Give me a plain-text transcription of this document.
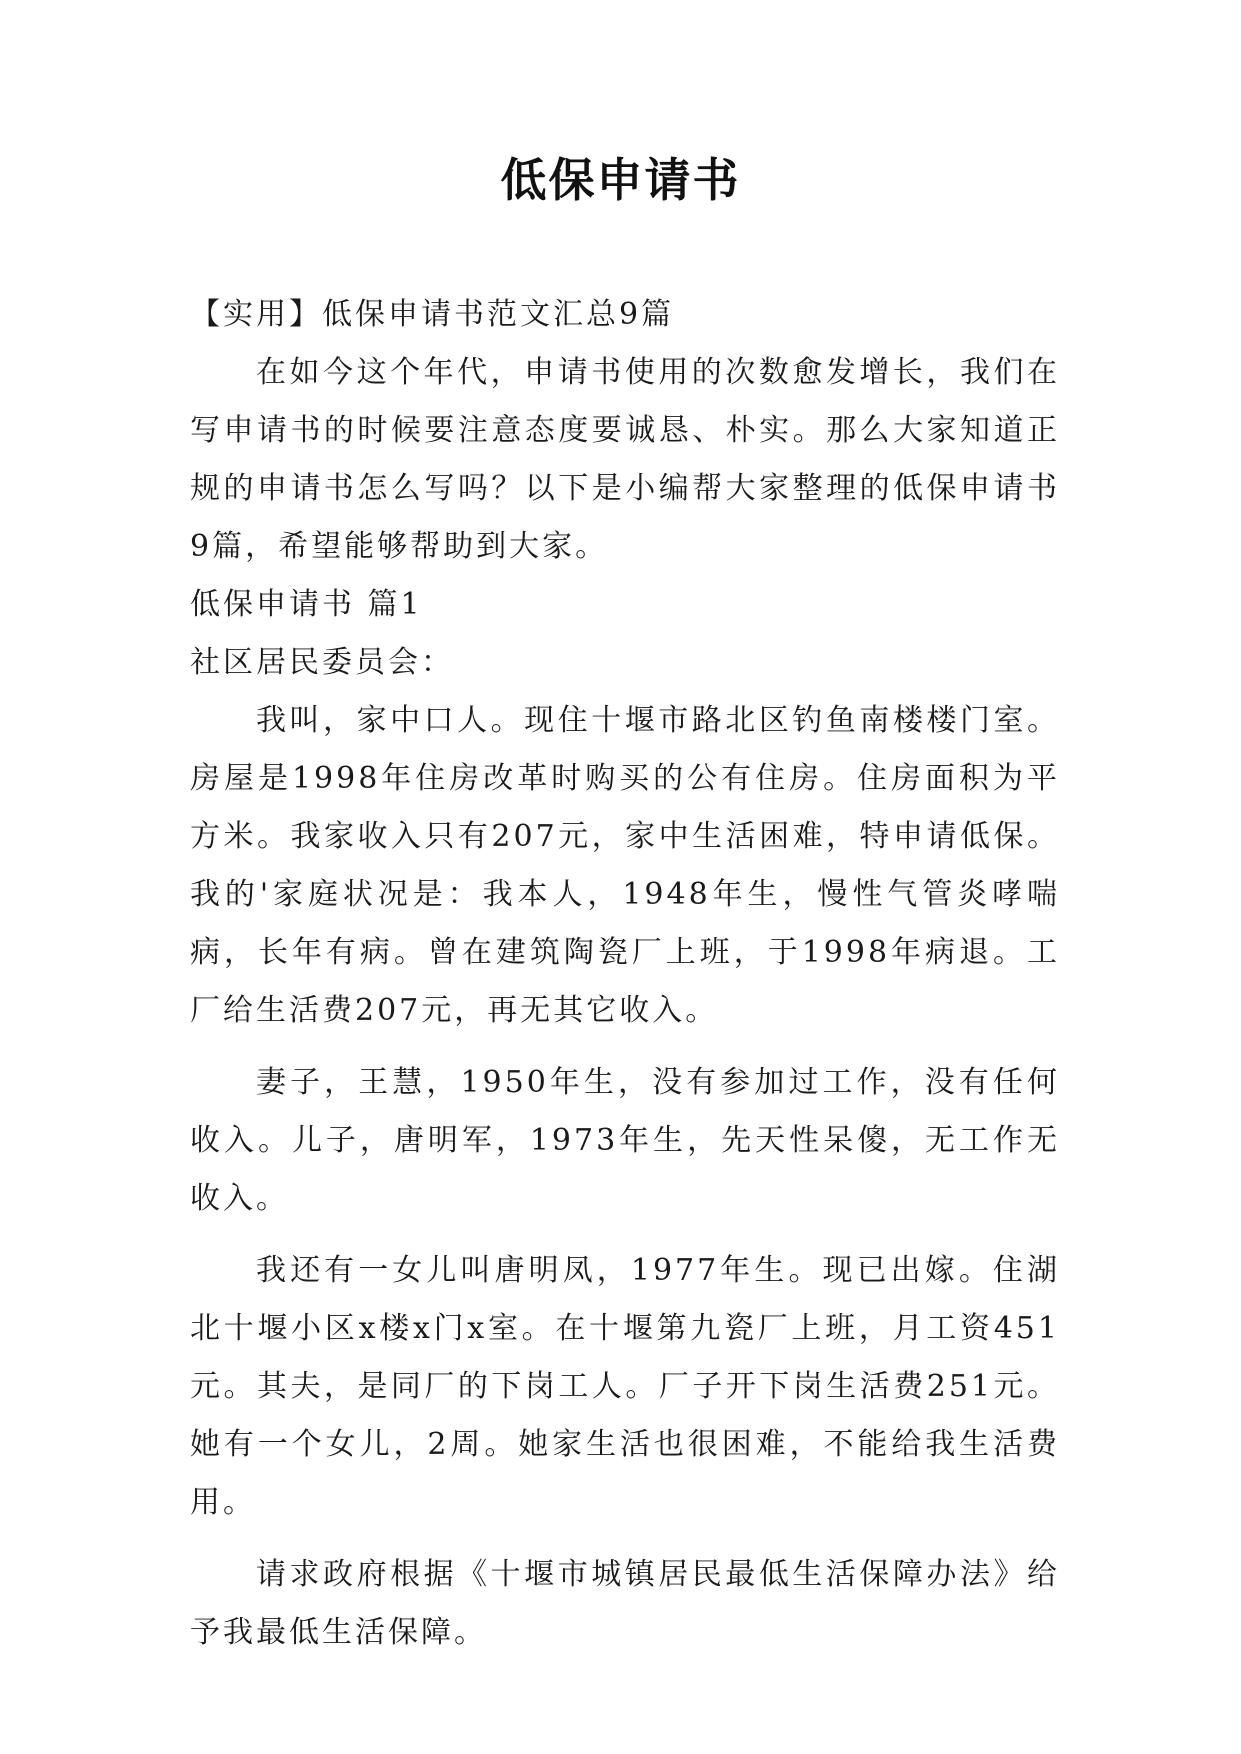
低保申请书

【实用】低保申请书范文汇总9篇

在如今这个年代，申请书使用的次数愈发增长，我们在写申请书的时候要注意态度要诚恳、朴实。那么大家知道正规的申请书怎么写吗？以下是小编帮大家整理的低保申请书9篇，希望能够帮助到大家。

低保申请书 篇1

社区居民委员会：

我叫，家中口人。现住十堰市路北区钓鱼南楼楼门室。房屋是1998年住房改革时购买的公有住房。住房面积为平方米。我家收入只有207元，家中生活困难，特申请低保。我的'家庭状况是：我本人，1948年生，慢性气管炎哮喘病，长年有病。曾在建筑陶瓷厂上班，于1998年病退。工厂给生活费207元，再无其它收入。

妻子，王慧，1950年生，没有参加过工作，没有任何收入。儿子，唐明军，1973年生，先天性呆傻，无工作无收入。

我还有一女儿叫唐明凤，1977年生。现已出嫁。住湖北十堰小区x楼x门x室。在十堰第九瓷厂上班，月工资451元。其夫，是同厂的下岗工人。厂子开下岗生活费251元。她有一个女儿，2周。她家生活也很困难，不能给我生活费用。

请求政府根据《十堰市城镇居民最低生活保障办法》给予我最低生活保障。
